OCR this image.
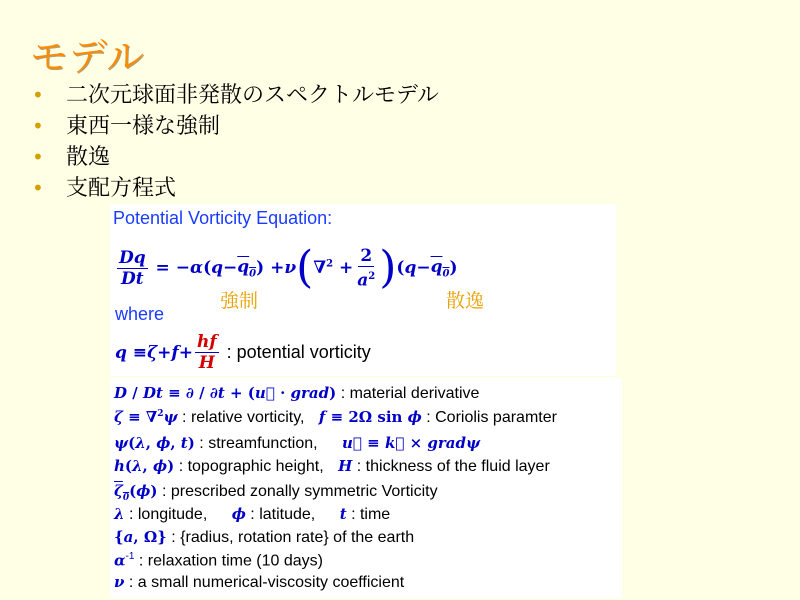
モデル
• 二次元球面非発散のスペクトルモデル
• 東西一様な強制
• 散逸
• 支配方程式
Potential Vorticity Equation:
$\frac{Dq}{Dt}$ = − α ( $q - q_0$ ) + ν ( $\nabla^2 + \frac{2}{a^2}$ ) ( $q - q_0$ )
強制	散逸
where
$q \equiv \zeta + f + \frac{hf}{H}$ : potential vorticity
D / Dt ≡ ∂ / ∂t + (u⃗ · grad) : material derivative
ζ ≡ ∇$^2$ψ : relative vorticity, f ≡ 2Ω sin ϕ : Coriolis paramter
ψ(λ, ϕ, t) : streamfunction, u⃗ ≡ k⃗ × gradψ
h(λ, ϕ) : topographic height, H : thickness of the fluid layer
$\zeta_0(\phi)$ : prescribed zonally symmetric Vorticity
λ : longitude, ϕ : latitude, t : time
{a, Ω} : {radius, rotation rate} of the earth
$\alpha^{-1}$ : relaxation time (10 days)
ν : a small numerical-viscosity coefficient
